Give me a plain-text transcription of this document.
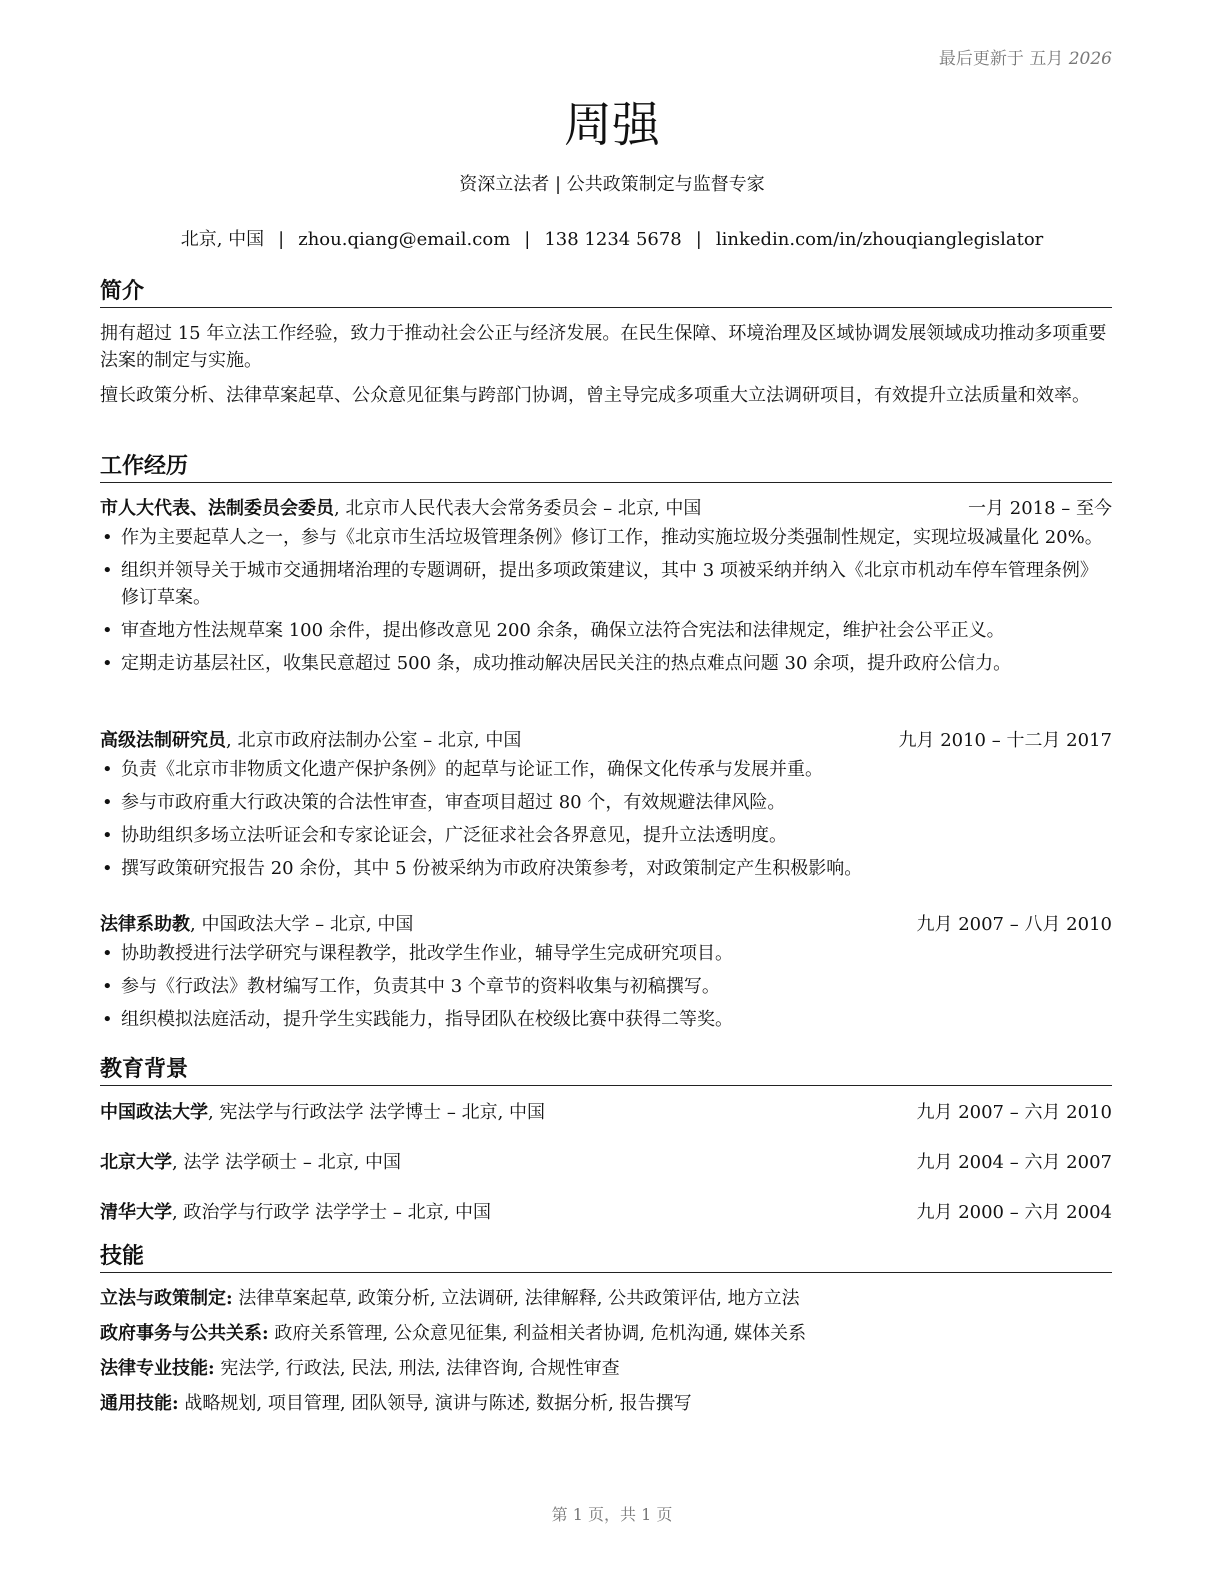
最后更新于 五月 2026
周强
资深立法者 | 公共政策制定与监督专家
北京, 中国 | zhou.qiang@email.com | 138 1234 5678 | linkedin.com/in/zhouqianglegislator
简介

拥有超过 15 年立法工作经验，致力于推动社会公正与经济发展。在民生保障、环境治理及区域协调发展领域成功推动多项重要法案的制定与实施。

擅长政策分析、法律草案起草、公众意见征集与跨部门协调，曾主导完成多项重大立法调研项目，有效提升立法质量和效率。

工作经历
市人大代表、法制委员会委员, 北京市人民代表大会常务委员会 – 北京, 中国	一月 2018 – 至今
• 作为主要起草人之一，参与《北京市生活垃圾管理条例》修订工作，推动实施垃圾分类强制性规定，实现垃圾减量化 20%。
• 组织并领导关于城市交通拥堵治理的专题调研，提出多项政策建议，其中 3 项被采纳并纳入《北京市机动车停车管理条例》修订草案。
• 审查地方性法规草案 100 余件，提出修改意见 200 余条，确保立法符合宪法和法律规定，维护社会公平正义。
• 定期走访基层社区，收集民意超过 500 条，成功推动解决居民关注的热点难点问题 30 余项，提升政府公信力。
高级法制研究员, 北京市政府法制办公室 – 北京, 中国	九月 2010 – 十二月 2017
• 负责《北京市非物质文化遗产保护条例》的起草与论证工作，确保文化传承与发展并重。
• 参与市政府重大行政决策的合法性审查，审查项目超过 80 个，有效规避法律风险。
• 协助组织多场立法听证会和专家论证会，广泛征求社会各界意见，提升立法透明度。
• 撰写政策研究报告 20 余份，其中 5 份被采纳为市政府决策参考，对政策制定产生积极影响。
法律系助教, 中国政法大学 – 北京, 中国	九月 2007 – 八月 2010
• 协助教授进行法学研究与课程教学，批改学生作业，辅导学生完成研究项目。
• 参与《行政法》教材编写工作，负责其中 3 个章节的资料收集与初稿撰写。
• 组织模拟法庭活动，提升学生实践能力，指导团队在校级比赛中获得二等奖。
教育背景
中国政法大学, 宪法学与行政法学 法学博士 – 北京, 中国	九月 2007 – 六月 2010
北京大学, 法学 法学硕士 – 北京, 中国	九月 2004 – 六月 2007
清华大学, 政治学与行政学 法学学士 – 北京, 中国	九月 2000 – 六月 2004
技能
立法与政策制定: 法律草案起草, 政策分析, 立法调研, 法律解释, 公共政策评估, 地方立法
政府事务与公共关系: 政府关系管理, 公众意见征集, 利益相关者协调, 危机沟通, 媒体关系
法律专业技能: 宪法学, 行政法, 民法, 刑法, 法律咨询, 合规性审查
通用技能: 战略规划, 项目管理, 团队领导, 演讲与陈述, 数据分析, 报告撰写
第 1 页，共 1 页
